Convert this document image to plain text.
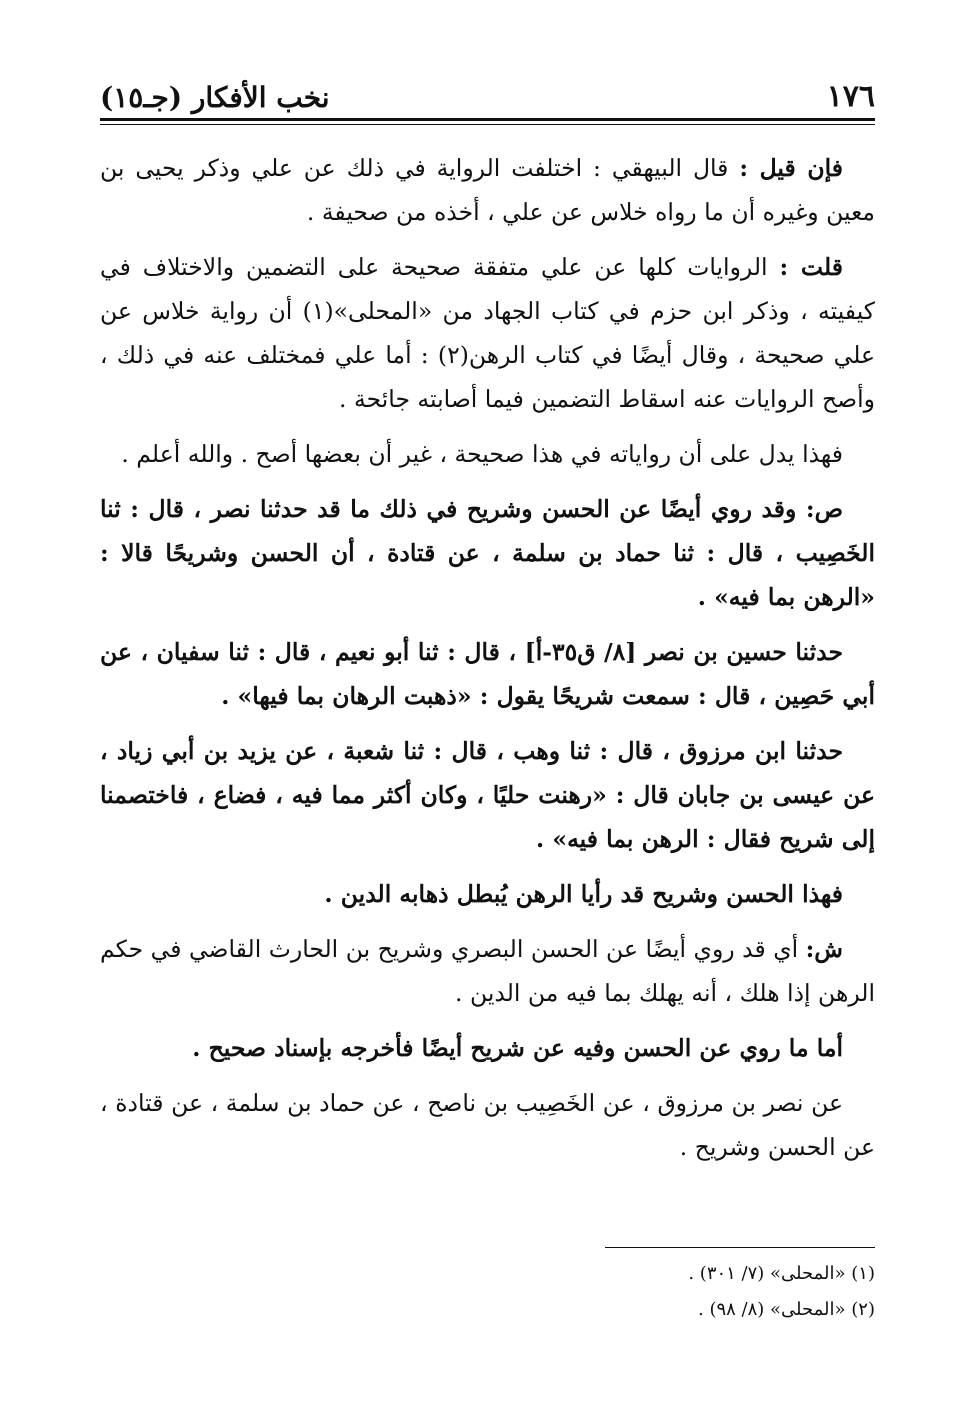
١٧٦
نخب الأفكار (جـ١٥)

فإن قيل : قال البيهقي : اختلفت الرواية في ذلك عن علي وذكر يحيى بن معين وغيره أن ما رواه خلاس عن علي ، أخذه من صحيفة .

قلت : الروايات كلها عن علي متفقة صحيحة على التضمين والاختلاف في كيفيته ، وذكر ابن حزم في كتاب الجهاد من «المحلى»(١) أن رواية خلاس عن علي صحيحة ، وقال أيضًا في كتاب الرهن(٢) : أما علي فمختلف عنه في ذلك ، وأصح الروايات عنه اسقاط التضمين فيما أصابته جائحة .

فهذا يدل على أن رواياته في هذا صحيحة ، غير أن بعضها أصح . والله أعلم .

ص: وقد روي أيضًا عن الحسن وشريح في ذلك ما قد حدثنا نصر ، قال : ثنا الخَصِيب ، قال : ثنا حماد بن سلمة ، عن قتادة ، أن الحسن وشريحًا قالا : «الرهن بما فيه» .

حدثنا حسين بن نصر [٨/ ق٣٥-أ] ، قال : ثنا أبو نعيم ، قال : ثنا سفيان ، عن أبي حَصِين ، قال : سمعت شريحًا يقول : «ذهبت الرهان بما فيها» .

حدثنا ابن مرزوق ، قال : ثنا وهب ، قال : ثنا شعبة ، عن يزيد بن أبي زياد ، عن عيسى بن جابان قال : «رهنت حليًا ، وكان أكثر مما فيه ، فضاع ، فاختصمنا إلى شريح فقال : الرهن بما فيه» .

فهذا الحسن وشريح قد رأيا الرهن يُبطل ذهابه الدين .

ش: أي قد روي أيضًا عن الحسن البصري وشريح بن الحارث القاضي في حكم الرهن إذا هلك ، أنه يهلك بما فيه من الدين .

أما ما روي عن الحسن وفيه عن شريح أيضًا فأخرجه بإسناد صحيح .

عن نصر بن مرزوق ، عن الخَصِيب بن ناصح ، عن حماد بن سلمة ، عن قتادة ، عن الحسن وشريح .

(١) «المحلى» (٧/ ٣٠١) .
(٢) «المحلى» (٨/ ٩٨) .
